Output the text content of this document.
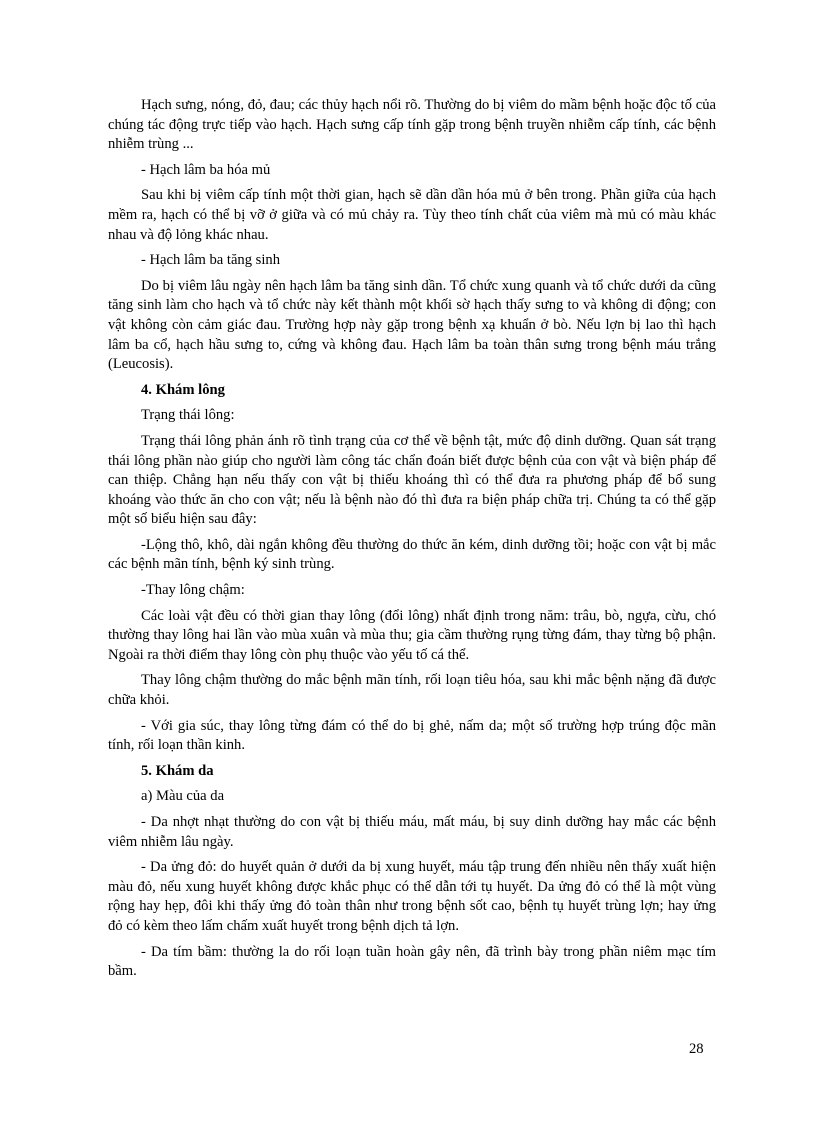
Hạch sưng, nóng, đỏ, đau; các thủy hạch nổi rõ. Thường do bị viêm do mầm bệnh hoặc độc tố của chúng tác động trực tiếp vào hạch. Hạch sưng cấp tính gặp trong bệnh truyền nhiễm cấp tính, các bệnh nhiễm trùng ...

- Hạch lâm ba hóa mủ

Sau khi bị viêm cấp tính một thời gian, hạch sẽ dần dần hóa mủ ở bên trong. Phần giữa của hạch mềm ra, hạch có thể bị vỡ ở giữa và có mủ chảy ra. Tùy theo tính chất của viêm mà mủ có màu khác nhau và độ lỏng khác nhau.

- Hạch lâm ba tăng sinh

Do bị viêm lâu ngày nên hạch lâm ba tăng sinh dần. Tổ chức xung quanh và tổ chức dưới da cũng tăng sinh làm cho hạch và tổ chức này kết thành một khối sờ hạch thấy sưng to và không di động; con vật không còn cảm giác đau. Trường hợp này gặp trong bệnh xạ khuẩn ở bò. Nếu lợn bị lao thì hạch lâm ba cổ, hạch hầu sưng to, cứng và không đau. Hạch lâm ba toàn thân sưng trong bệnh máu trắng (Leucosis).

4. Khám lông

Trạng thái lông:

Trạng thái lông phản ánh rõ tình trạng của cơ thể về bệnh tật, mức độ dinh dưỡng. Quan sát trạng thái lông phần nào giúp cho người làm công tác chẩn đoán biết được bệnh của con vật và biện pháp để can thiệp. Chẳng hạn nếu thấy con vật bị thiếu khoáng thì có thể đưa ra phương pháp để bổ sung khoáng vào thức ăn cho con vật; nếu là bệnh nào đó thì đưa ra biện pháp chữa trị. Chúng ta có thể gặp một số biểu hiện sau đây:

-Lộng thô, khô, dài ngắn không đều thường do thức ăn kém, dinh dưỡng tồi; hoặc con vật bị mắc các bệnh mãn tính, bệnh ký sinh trùng.

-Thay lông chậm:

Các loài vật đều có thời gian thay lông (đổi lông) nhất định trong năm: trâu, bò, ngựa, cừu, chó thường thay lông hai lần vào mùa xuân và mùa thu; gia cầm thường rụng từng đám, thay từng bộ phận. Ngoài ra thời điểm thay lông còn phụ thuộc vào yếu tố cá thể.

Thay lông chậm thường do mắc bệnh mãn tính, rối loạn tiêu hóa, sau khi mắc bệnh nặng đã được chữa khỏi.

- Với gia súc, thay lông từng đám có thể do bị ghẻ, nấm da; một số trường hợp trúng độc mãn tính, rối loạn thần kinh.

5. Khám da

a) Màu của da

- Da nhợt nhạt thường do con vật bị thiếu máu, mất máu, bị suy dinh dưỡng hay mắc các bệnh viêm nhiễm lâu ngày.

- Da ửng đỏ: do huyết quản ở dưới da bị xung huyết, máu tập trung đến nhiều nên thấy xuất hiện màu đỏ, nếu xung huyết không được khắc phục có thể dẫn tới tụ huyết. Da ửng đỏ có thể là một vùng rộng hay hẹp, đôi khi thấy ửng đỏ toàn thân như trong bệnh sốt cao, bệnh tụ huyết trùng lợn; hay ửng đỏ có kèm theo lấm chấm xuất huyết trong bệnh dịch tả lợn.

- Da tím bầm: thường la do rối loạn tuần hoàn gây nên, đã trình bày trong phần niêm mạc tím bầm.

28
